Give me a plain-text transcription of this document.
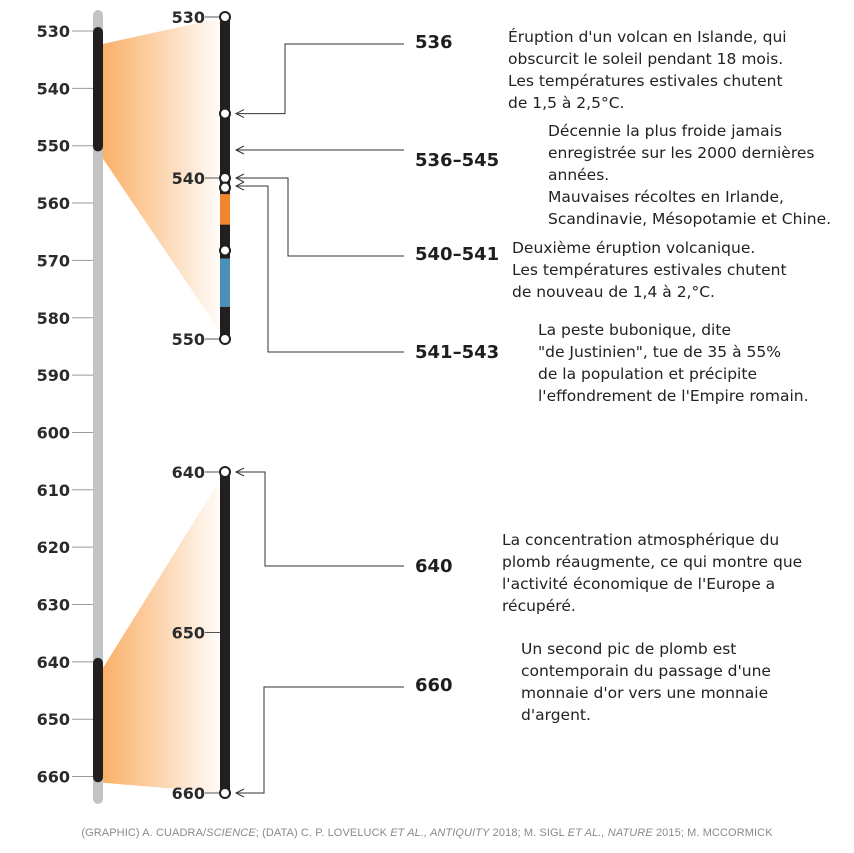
530
540
550
560
570
580
590
600
610
620
630
640
650
660
530
540
550
640
650
660
536	Éruption d'un volcan en Islande, qui
obscurcit le soleil pendant 18 mois.
Les températures estivales chutent
de 1,5 à 2,5°C.
536–545
Décennie la plus froide jamais
enregistrée sur les 2000 dernières
années.
Mauvaises récoltes en Irlande,
Scandinavie, Mésopotamie et Chine.
540–541 Deuxième éruption volcanique.
Les températures estivales chutent
de nouveau de 1,4 à 2,°C.
541–543
La peste bubonique, dite
"de Justinien", tue de 35 à 55%
de la population et précipite
l'effondrement de l'Empire romain.
640
La concentration atmosphérique du
plomb réaugmente, ce qui montre que
l'activité économique de l'Europe a
récupéré.
660
Un second pic de plomb est
contemporain du passage d'une
monnaie d'or vers une monnaie
d'argent.
(GRAPHIC) A. CUADRA/SCIENCE; (DATA) C. P. LOVELUCK ET AL., ANTIQUITY 2018; M. SIGL ET AL., NATURE 2015; M. MCCORMICK
